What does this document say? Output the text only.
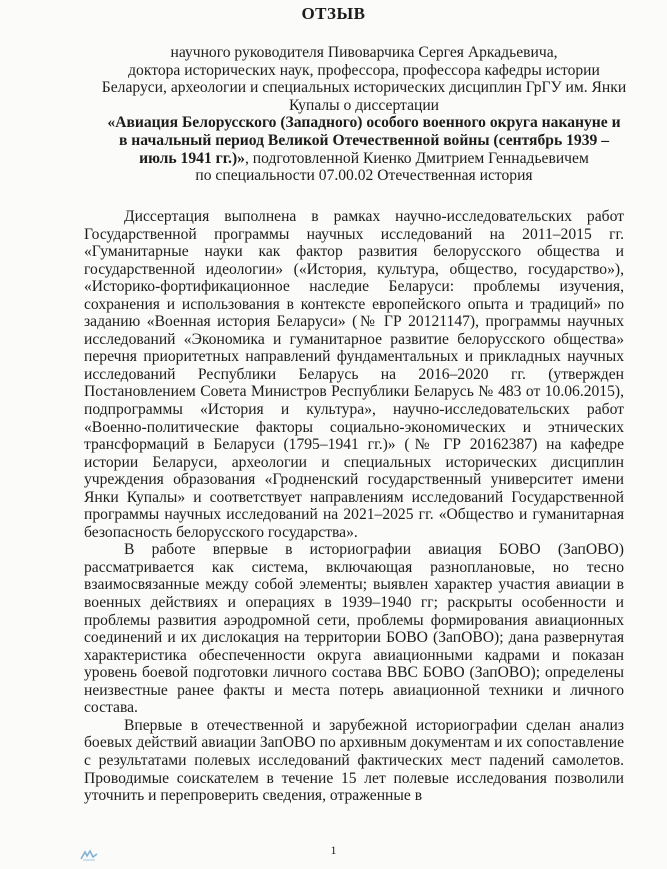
ОТЗЫВ
научного руководителя Пивоварчика Сергея Аркадьевича,
доктора исторических наук, профессора, профессора кафедры истории
Беларуси, археологии и специальных исторических дисциплин ГрГУ им. Янки
Купалы о диссертации
«Авиация Белорусского (Западного) особого военного округа накануне и
в начальный период Великой Отечественной войны (сентябрь 1939 –
июль 1941 гг.)», подготовленной Киенко Дмитрием Геннадьевичем
по специальности 07.00.02 Отечественная история

Диссертация выполнена в рамках научно-исследовательских работ Государственной программы научных исследований на 2011–2015 гг. «Гуманитарные науки как фактор развития белорусского общества и государственной идеологии» («История, культура, общество, государство»), «Историко-фортификационное наследие Беларуси: проблемы изучения, сохранения и использования в контексте европейского опыта и традиций» по заданию «Военная история Беларуси» (№ ГР 20121147), программы научных исследований «Экономика и гуманитарное развитие белорусского общества» перечня приоритетных направлений фундаментальных и прикладных научных исследований Республики Беларусь на 2016–2020 гг. (утвержден Постановлением Совета Министров Республики Беларусь № 483 от 10.06.2015), подпрограммы «История и культура», научно-исследовательских работ «Военно-политические факторы социально-экономических и этнических трансформаций в Беларуси (1795–1941 гг.)» (№ ГР 20162387) на кафедре истории Беларуси, археологии и специальных исторических дисциплин учреждения образования «Гродненский государственный университет имени Янки Купалы» и соответствует направлениям исследований Государственной программы научных исследований на 2021–2025 гг. «Общество и гуманитарная безопасность белорусского государства».

В работе впервые в историографии авиация БОВО (ЗапОВО) рассматривается как система, включающая разноплановые, но тесно взаимосвязанные между собой элементы; выявлен характер участия авиации в военных действиях и операциях в 1939–1940 гг; раскрыты особенности и проблемы развития аэродромной сети, проблемы формирования авиационных соединений и их дислокация на территории БОВО (ЗапОВО); дана развернутая характеристика обеспеченности округа авиационными кадрами и показан уровень боевой подготовки личного состава ВВС БОВО (ЗапОВО); определены неизвестные ранее факты и места потерь авиационной техники и личного состава.

Впервые в отечественной и зарубежной историографии сделан анализ боевых действий авиации ЗапОВО по архивным документам и их сопоставление с результатами полевых исследований фактических мест падений самолетов. Проводимые соискателем в течение 15 лет полевые исследования позволили уточнить и перепроверить сведения, отраженные в

1
